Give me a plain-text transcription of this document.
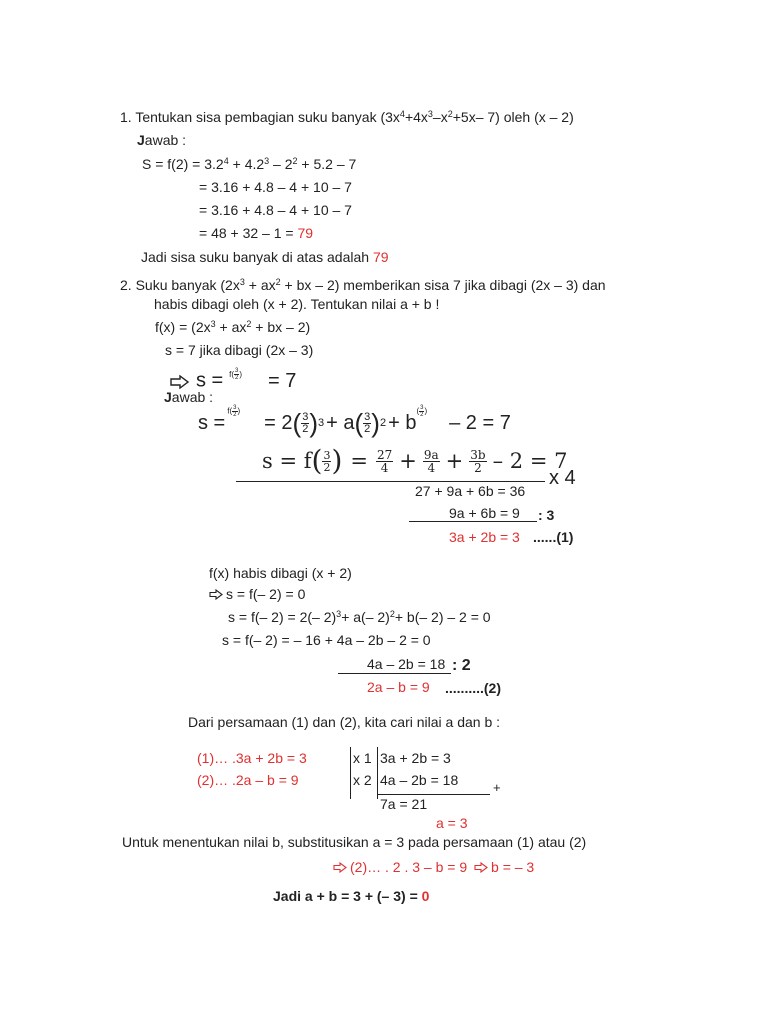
1. Tentukan sisa pembagian suku banyak ($3x^4+4x^3-x^2+5x-$ 7) oleh (x – 2)
Jawab :
$S = f(2) = 3.2^4 + 4.2^3 - 2^2 + 5.2 - 7$
= 3.16 + 4.8 – 4 + 10 – 7
= 3.16 + 4.8 – 4 + 10 – 7
= 48 + 32 – 1 = 79
Jadi sisa suku banyak di atas adalah 79
2. Suku banyak ($2x^3 + ax^2$ + bx – 2) memberikan sisa 7 jika dibagi (2x – 3) dan
habis dibagi oleh (x + 2). Tentukan nilai a + b !
$f(x) = (2x^3 + ax^2$ + bx – 2)
s = 7 jika dibagi (2x – 3)
s = $^{f( \frac{3}{2} )}$ = 7
Jawab :
s =
$f( \frac{3}{2}$ )
= 2 ( $\frac{3}{2}$ ) 3 + a ( $\frac{3}{2}$ ) 2 + b
( $\frac{3}{2}$ )
– 2 = 7
s = f ( $\frac{3}{2}$ ) = $\frac{27}{4} + \frac{9a}{4} + \frac{3b}{2} - 2 = 7$
x 4
27 + 9a + 6b = 36
9a + 6b = 9 : 3
3a + 2b = 3 ......(1)
f(x) habis dibagi (x + 2)
s = f(– 2) = 0
s = f(– 2) = 2(– 2)$^3$+ a(– 2)$^2$+ b(– 2) – 2 = 0
s = f(– 2) = – 16 + 4a – 2b – 2 = 0
4a – 2b = 18 : 2
2a – b = 9 ..........(2)
Dari persamaan (1) dan (2), kita cari nilai a dan b :
(1)… .3a + 2b = 3
(2)… .2a – b = 9
x 1
x 2
3a + 2b = 3
4a – 2b = 18	+
7a = 21
a = 3
Untuk menentukan nilai b, substitusikan a = 3 pada persamaan (1) atau (2)
(2)… . 2 . 3 – b = 9 b = – 3
Jadi a + b = 3 + (– 3) = 0
